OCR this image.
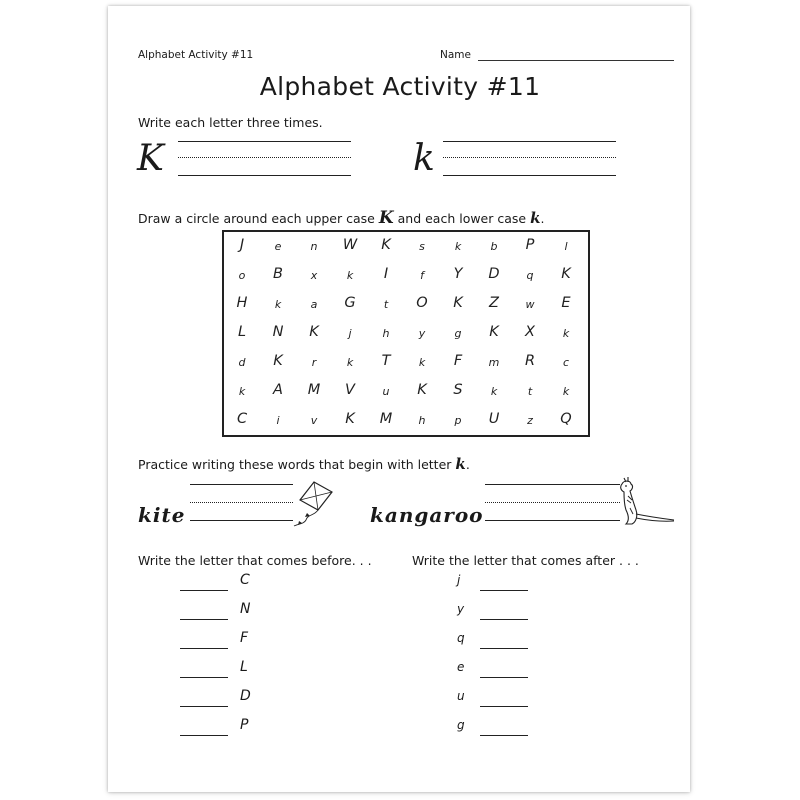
Alphabet Activity #11	Name
Alphabet Activity #11
Write each letter three times.
K	k
Draw a circle around each upper case K and each lower case k.
J	e	n	W	K	s	k	b	P	l
o	B	x	k	I	f	Y	D	q	K
H	k	a	G	t	O	K	Z	w	E
L	N	K	j	h	y	g	K	X	k
d	K	r	k	T	k	F	m	R	c
k	A	M	V	u	K	S	k	t	k
C	i	v	K	M	h	p	U	z	Q
Practice writing these words that begin with letter k.
kite	kangaroo
Write the letter that comes before. . .	Write the letter that comes after . . .
C
N
F
L
D
P
j
y
q
e
u
g
